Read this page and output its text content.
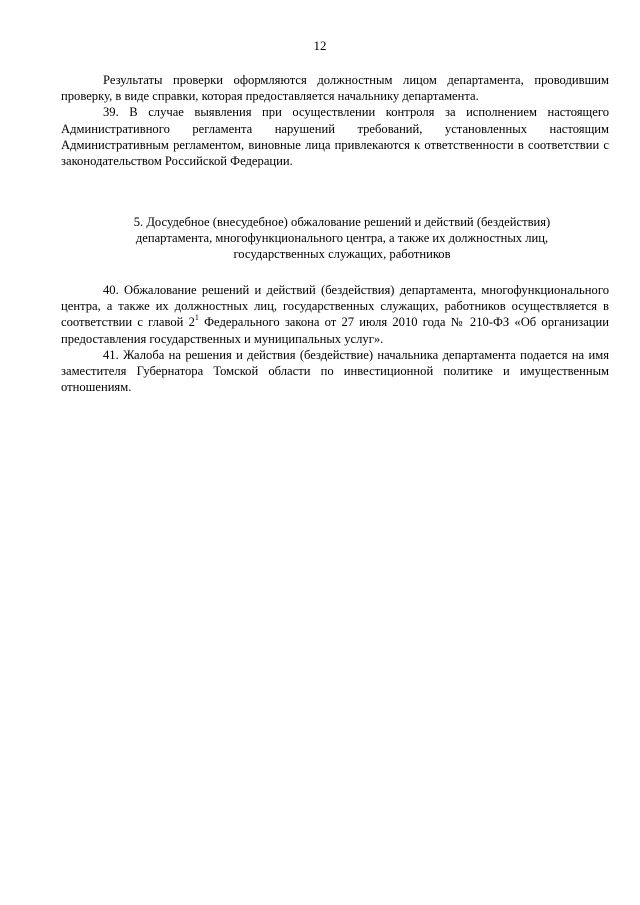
12

Результаты проверки оформляются должностным лицом департамента, проводившим проверку, в виде справки, которая предоставляется начальнику департамента.

39. В случае выявления при осуществлении контроля за исполнением настоящего Административного регламента нарушений требований, установленных настоящим Административным регламентом, виновные лица привлекаются к ответственности в соответствии с законодательством Российской Федерации.

5. Досудебное (внесудебное) обжалование решений и действий (бездействия)
департамента, многофункционального центра, а также их должностных лиц,
государственных служащих, работников

40. Обжалование решений и действий (бездействия) департамента, многофункционального центра, а также их должностных лиц, государственных служащих, работников осуществляется в соответствии с главой $2^1$ Федерального закона от 27 июля 2010 года № 210-ФЗ «Об организации предоставления государственных и муниципальных услуг».

41. Жалоба на решения и действия (бездействие) начальника департамента подается на имя заместителя Губернатора Томской области по инвестиционной политике и имущественным отношениям.
